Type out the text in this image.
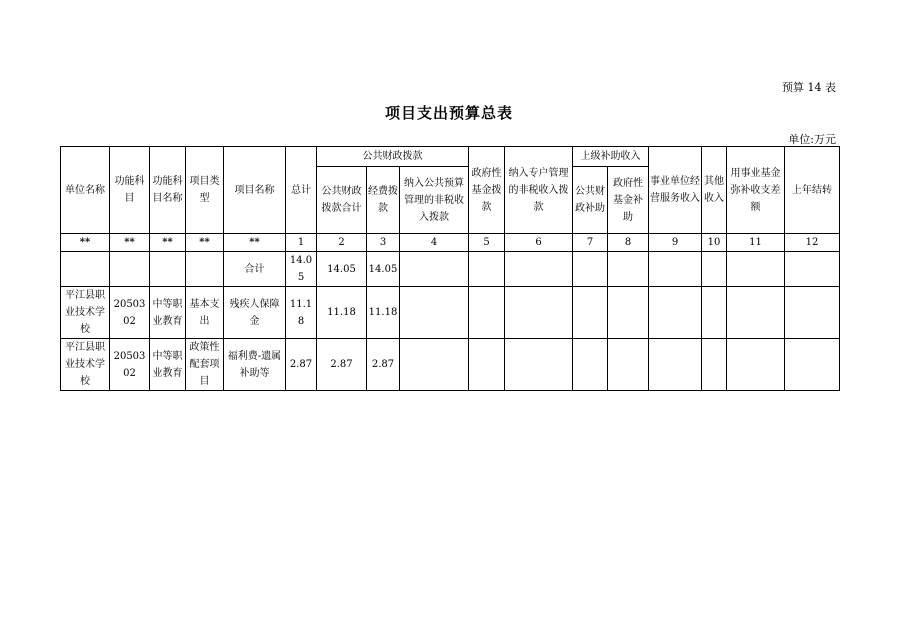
预算 14 表
项目支出预算总表
单位:万元
单位名称	功能科目	功能科目名称	项目类型	项目名称	总计	公共财政拨款			政府性基金拨款	纳入专户管理的非税收入拨款	上级补助收入		事业单位经营服务收入	其他收入	用事业基金弥补收支差额	上年结转
						公共财政拨款合计	经费拨款	纳入公共预算管理的非税收入拨款			公共财政补助	政府性基金补助				
**	**	**	**	**	1	2	3	4	5	6	7	8	9	10	11	12
				合计	14.05	14.05	14.05									
平江县职业技术学校	2050302	中等职业教育	基本支出	残疾人保障金	11.18	11.18	11.18									
平江县职业技术学校	2050302	中等职业教育	政策性配套项目	福利费-遗属补助等	2.87	2.87	2.87									
